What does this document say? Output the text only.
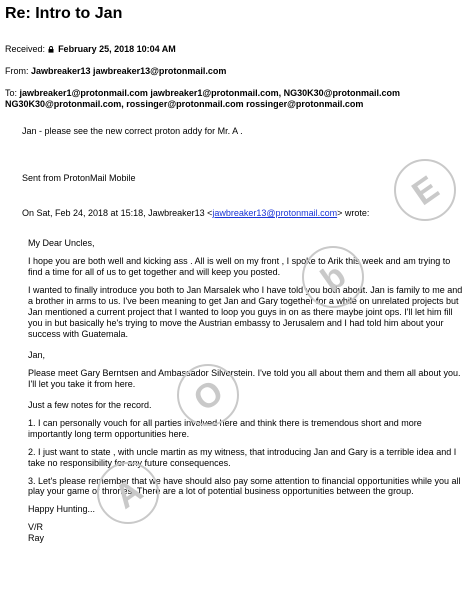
Re: Intro to Jan
Received: February 25, 2018 10:04 AM
From: Jawbreaker13 jawbreaker13@protonmail.com
To: jawbreaker1@protonmail.com jawbreaker1@protonmail.com, NG30K30@protonmail.com
NG30K30@protonmail.com, rossinger@protonmail.com rossinger@protonmail.com
Jan - please see the new correct proton addy for Mr. A .
Sent from ProtonMail Mobile
On Sat, Feb 24, 2018 at 15:18, Jawbreaker13 <jawbreaker13@protonmail.com> wrote:
My Dear Uncles,
I hope you are both well and kicking ass . All is well on my front , I spoke to Arik this week and am trying to find a time for all of us to get together and will keep you posted.
I wanted to finally introduce you both to Jan Marsalek who I have told you both about. Jan is family to me and a brother in arms to us. I've been meaning to get Jan and Gary together for a while on unrelated projects but Jan mentioned a current project that I wanted to loop you guys in on as there maybe joint ops. I'll let him fill you in but basically he's trying to move the Austrian embassy to Jerusalem and I had told him about your success with Guatemala.
Jan,
Please meet Gary Berntsen and Ambassador Silverstein. I've told you all about them and them all about you. I'll let you take it from here.
Just a few notes for the record.
1. I can personally vouch for all parties involved here and think there is tremendous short and more importantly long term opportunities here.
2. I just want to state , with uncle martin as my witness, that introducing Jan and Gary is a terrible idea and I take no responsibility for any future consequences.
3. Let's please remember that we have should also pay some attention to financial opportunities while you all play your game of thrones. There are a lot of potential business opportunities between the group.
Happy Hunting...
V/R
Ray
A
O
b
E
